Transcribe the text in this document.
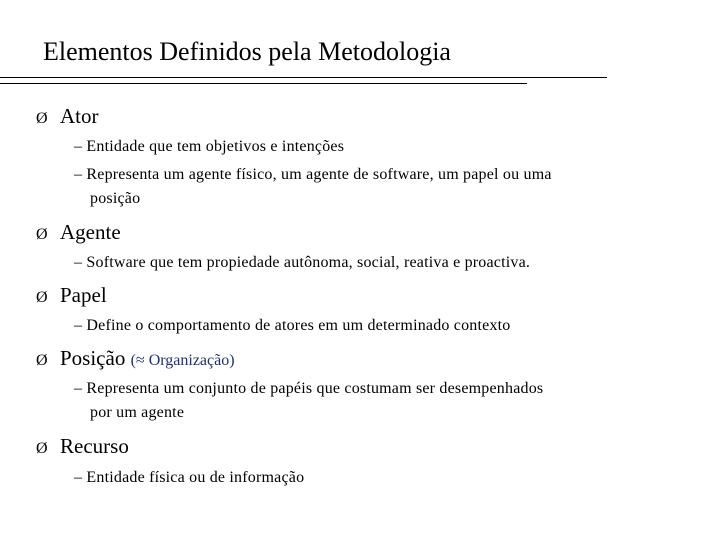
Elementos Definidos pela Metodologia
Ø Ator
– Entidade que tem objetivos e intenções
– Representa um agente físico, um agente de software, um papel ou uma
posição
Ø Agente
– Software que tem propiedade autônoma, social, reativa e proactiva.
Ø Papel
– Define o comportamento de atores em um determinado contexto
Ø Posição (≈ Organização)
– Representa um conjunto de papéis que costumam ser desempenhados
por um agente
Ø Recurso
– Entidade física ou de informação
